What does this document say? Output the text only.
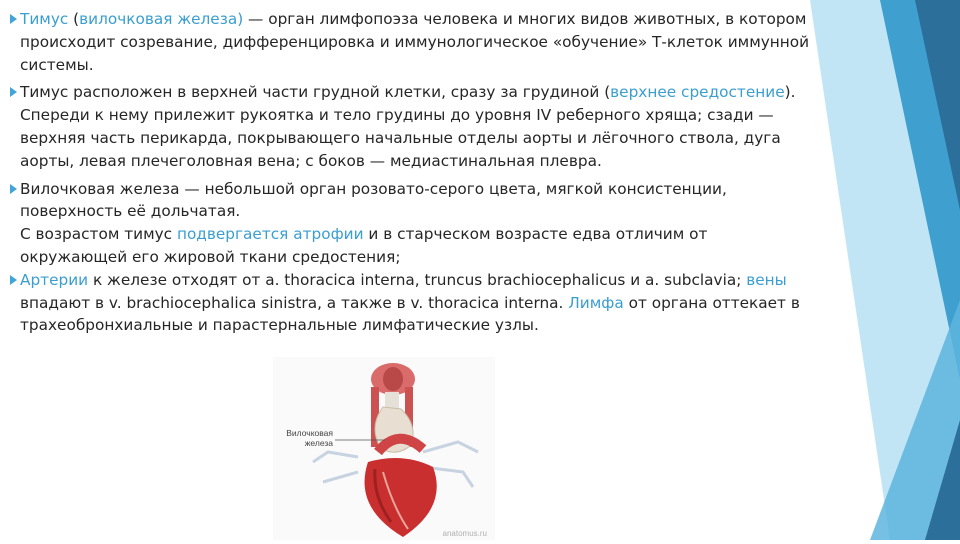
Тимус (вилочковая железа) — орган лимфопоэза человека и многих видов животных, в котором происходит созревание, дифференцировка и иммунологическое «обучение» Т-клеток иммунной системы.
Тимус расположен в верхней части грудной клетки, сразу за грудиной (верхнее средостение). Спереди к нему прилежит рукоятка и тело грудины до уровня IV реберного хряща; сзади — верхняя часть перикарда, покрывающего начальные отделы аорты и лёгочного ствола, дуга аорты, левая плечеголовная вена; с боков — медиастинальная плевра.
Вилочковая железа — небольшой орган розовато-серого цвета, мягкой консистенции, поверхность её дольчатая.
С возрастом тимус подвергается атрофии и в старческом возрасте едва отличим от окружающей его жировой ткани средостения;
Артерии к железе отходят от a. thoracica interna, truncus brachiocephalicus и a. subclavia; вены впадают в v. brachiocephalica sinistra, а также в v. thoracica interna. Лимфа от органа оттекает в трахеобронхиальные и парастернальные лимфатические узлы.
Вилочковая железа
anatomus.ru
